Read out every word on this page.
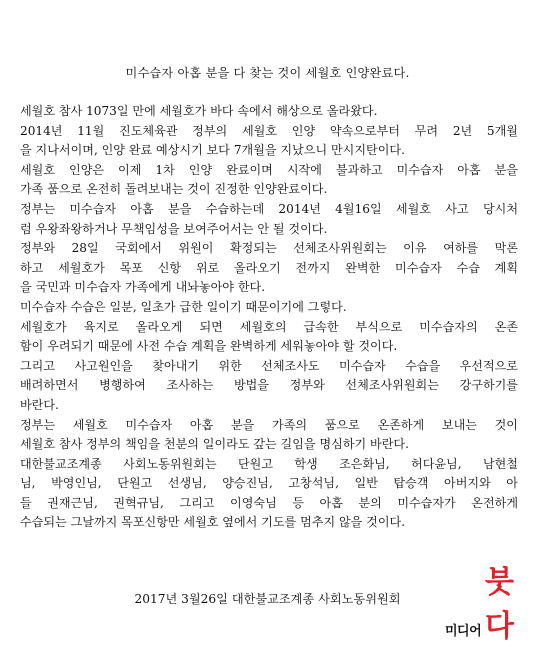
미수습자 아홉 분을 다 찾는 것이 세월호 인양완료다.

세월호 참사 1073일 만에 세월호가 바다 속에서 해상으로 올라왔다.

2014년 11월 진도체육관 정부의 세월호 인양 약속으로부터 무려 2년 5개월

을 지나서이며, 인양 완료 예상시기 보다 7개월을 지났으니 만시지탄이다.

세월호 인양은 이제 1차 인양 완료이며 시작에 불과하고 미수습자 아홉 분을

가족 품으로 온전히 돌려보내는 것이 진정한 인양완료이다.

정부는 미수습자 아홉 분을 수습하는데 2014년 4월16일 세월호 사고 당시처

럼 우왕좌왕하거나 무책임성을 보여주어서는 안 될 것이다.

정부와 28일 국회에서 위원이 확정되는 선체조사위원회는 이유 여하를 막론

하고 세월호가 목포 신항 위로 올라오기 전까지 완벽한 미수습자 수습 계획

을 국민과 미수습자 가족에게 내놔놓아야 한다.

미수습자 수습은 일분, 일초가 급한 일이기 때문이기에 그렇다.

세월호가 육지로 올라오게 되면 세월호의 급속한 부식으로 미수습자의 온존

함이 우려되기 때문에 사전 수습 계획을 완벽하게 세워놓아야 할 것이다.

그리고 사고원인을 찾아내기 위한 선체조사도 미수습자 수습을 우선적으로

배려하면서 병행하여 조사하는 방법을 정부와 선체조사위원회는 강구하기를

바란다.

정부는 세월호 미수습자 아홉 분을 가족의 품으로 온존하게 보내는 것이

세월호 참사 정부의 책임을 천분의 일이라도 갚는 길임을 명심하기 바란다.

대한불교조계종 사회노동위원회는 단원고 학생 조은화님, 허다윤님, 남현철

님, 박영인님, 단원고 선생님, 양승진님, 고창석님, 일반 탑승객 아버지와 아

들 권재근님, 권혁규님, 그리고 이영숙님 등 아홉 분의 미수습자가 온전하게

수습되는 그날까지 목포신항만 세월호 옆에서 기도를 멈추지 않을 것이다.

2017년 3월26일 대한불교조계종 사회노동위원회
미디어
붓다
